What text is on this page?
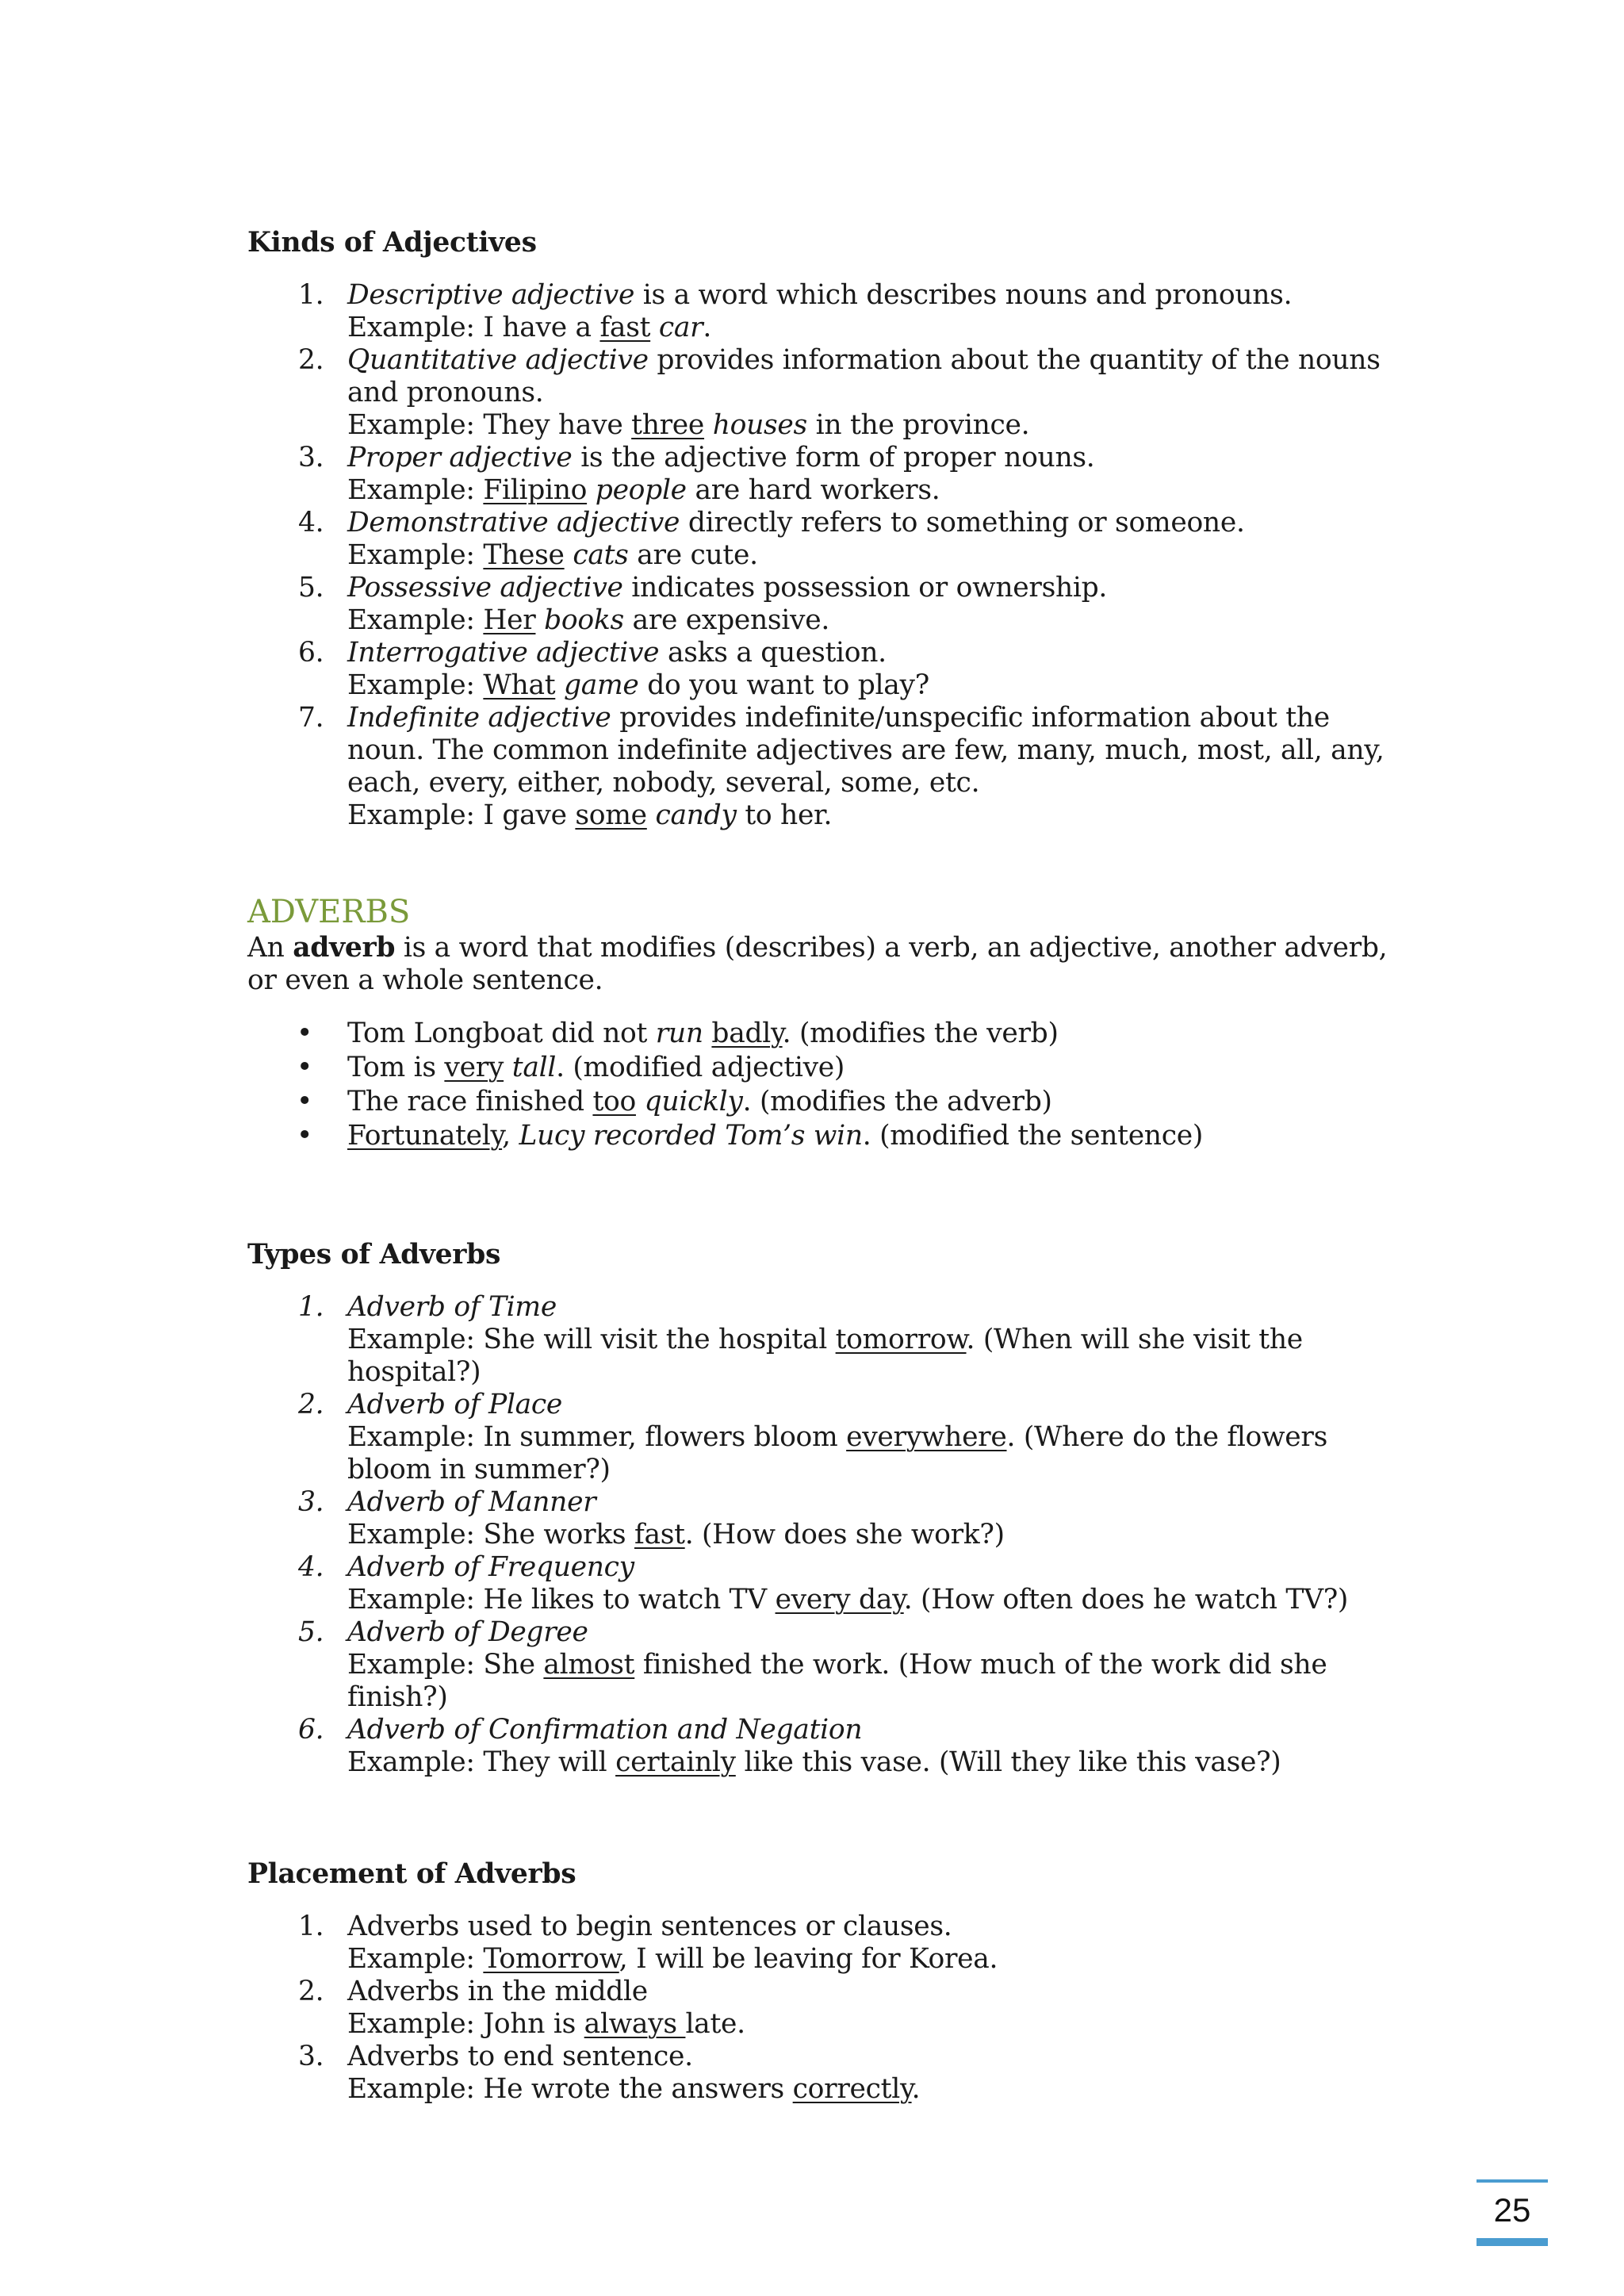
Kinds of Adjectives

1. Descriptive adjective is a word which describes nouns and pronouns.
Example: I have a fast car.
2. Quantitative adjective provides information about the quantity of the nouns and pronouns.
Example: They have three houses in the province.
3. Proper adjective is the adjective form of proper nouns.
Example: Filipino people are hard workers.
4. Demonstrative adjective directly refers to something or someone.
Example: These cats are cute.
5. Possessive adjective indicates possession or ownership.
Example: Her books are expensive.
6. Interrogative adjective asks a question.
Example: What game do you want to play?
7. Indefinite adjective provides indefinite/unspecific information about the noun. The common indefinite adjectives are few, many, much, most, all, any, each, every, either, nobody, several, some, etc.
Example: I gave some candy to her.

ADVERBS

An adverb is a word that modifies (describes) a verb, an adjective, another adverb, or even a whole sentence.

• Tom Longboat did not run badly. (modifies the verb)
• Tom is very tall. (modified adjective)
• The race finished too quickly. (modifies the adverb)
• Fortunately, Lucy recorded Tom’s win. (modified the sentence)

Types of Adverbs

1. Adverb of Time
Example: She will visit the hospital tomorrow. (When will she visit the hospital?)
2. Adverb of Place
Example: In summer, flowers bloom everywhere. (Where do the flowers bloom in summer?)
3. Adverb of Manner
Example: She works fast. (How does she work?)
4. Adverb of Frequency
Example: He likes to watch TV every day. (How often does he watch TV?)
5. Adverb of Degree
Example: She almost finished the work. (How much of the work did she finish?)
6. Adverb of Confirmation and Negation
Example: They will certainly like this vase. (Will they like this vase?)

Placement of Adverbs

1. Adverbs used to begin sentences or clauses.
Example: Tomorrow, I will be leaving for Korea.
2. Adverbs in the middle
Example: John is always late.
3. Adverbs to end sentence.
Example: He wrote the answers correctly.
25
